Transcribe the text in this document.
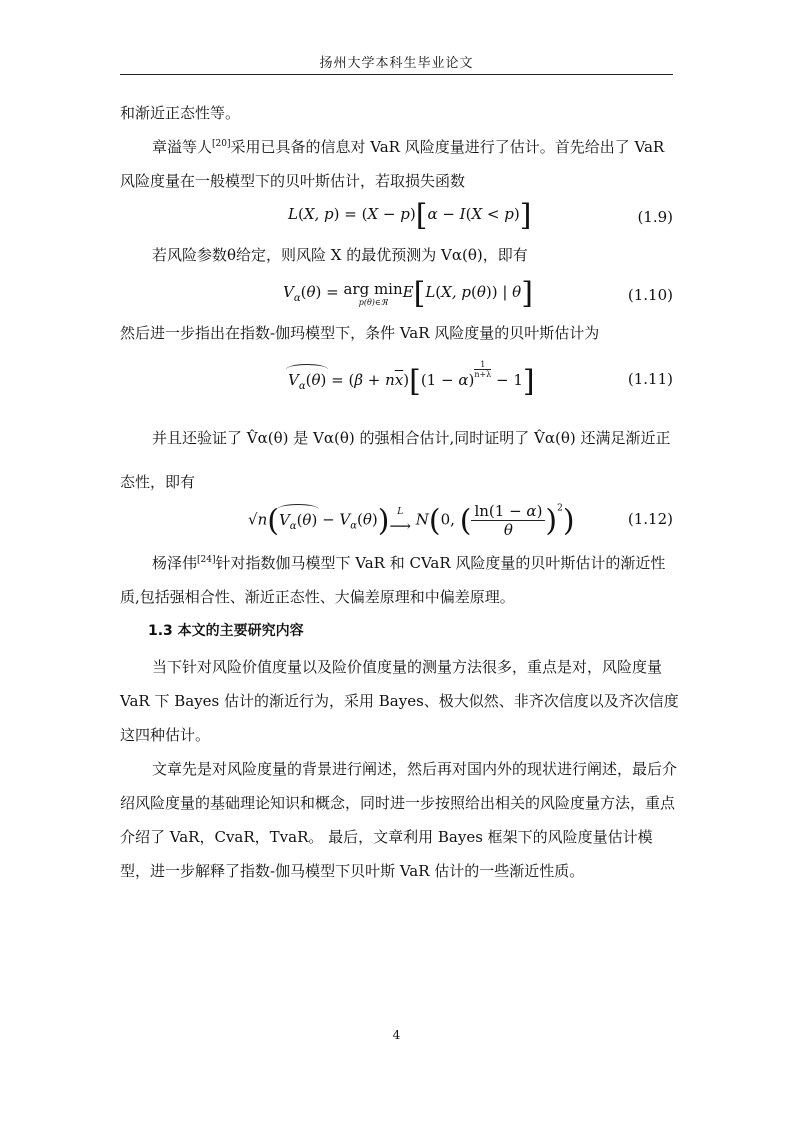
扬州大学本科生毕业论文
和渐近正态性等。
章溢等人[20]采用已具备的信息对 VaR 风险度量进行了估计。首先给出了 VaR 风险度量在一般模型下的贝叶斯估计，若取损失函数
L(X, p) = (X − p)[α − I(X < p)]	(1.9)
若风险参数θ给定，则风险 X 的最优预测为 Vα(θ)，即有
$V_\alpha(\theta)$ = arg min
p(θ)∈ℜ
E[L(X, p(θ)) | θ]	(1.10)
然后进一步指出在指数-伽玛模型下，条件 VaR 风险度量的贝叶斯估计为
$V_\alpha(\theta) = (\beta + n\overline{x})[(1 - \alpha)$
$\frac{1}{n+\lambda}$
− 1]	(1.11)
并且还验证了 V̂α(θ) 是 Vα(θ) 的强相合估计,同时证明了 V̂α(θ) 还满足渐近正态性，即有
$√n(V_\alpha(\theta) - V_\alpha(\theta))$ L
⟶ N(0, ( $\frac{\ln(1 - \alpha)}{\theta} )^2$)	(1.12)
杨泽伟[24]针对指数伽马模型下 VaR 和 CVaR 风险度量的贝叶斯估计的渐近性质,包括强相合性、渐近正态性、大偏差原理和中偏差原理。
1.3 本文的主要研究内容
当下针对风险价值度量以及险价值度量的测量方法很多，重点是对，风险度量 VaR 下 Bayes 估计的渐近行为，采用 Bayes、极大似然、非齐次信度以及齐次信度这四种估计。
文章先是对风险度量的背景进行阐述，然后再对国内外的现状进行阐述，最后介绍风险度量的基础理论知识和概念，同时进一步按照给出相关的风险度量方法，重点介绍了 VaR，CvaR，TvaR。 最后，文章利用 Bayes 框架下的风险度量估计模型，进一步解释了指数-伽马模型下贝叶斯 VaR 估计的一些渐近性质。
4
